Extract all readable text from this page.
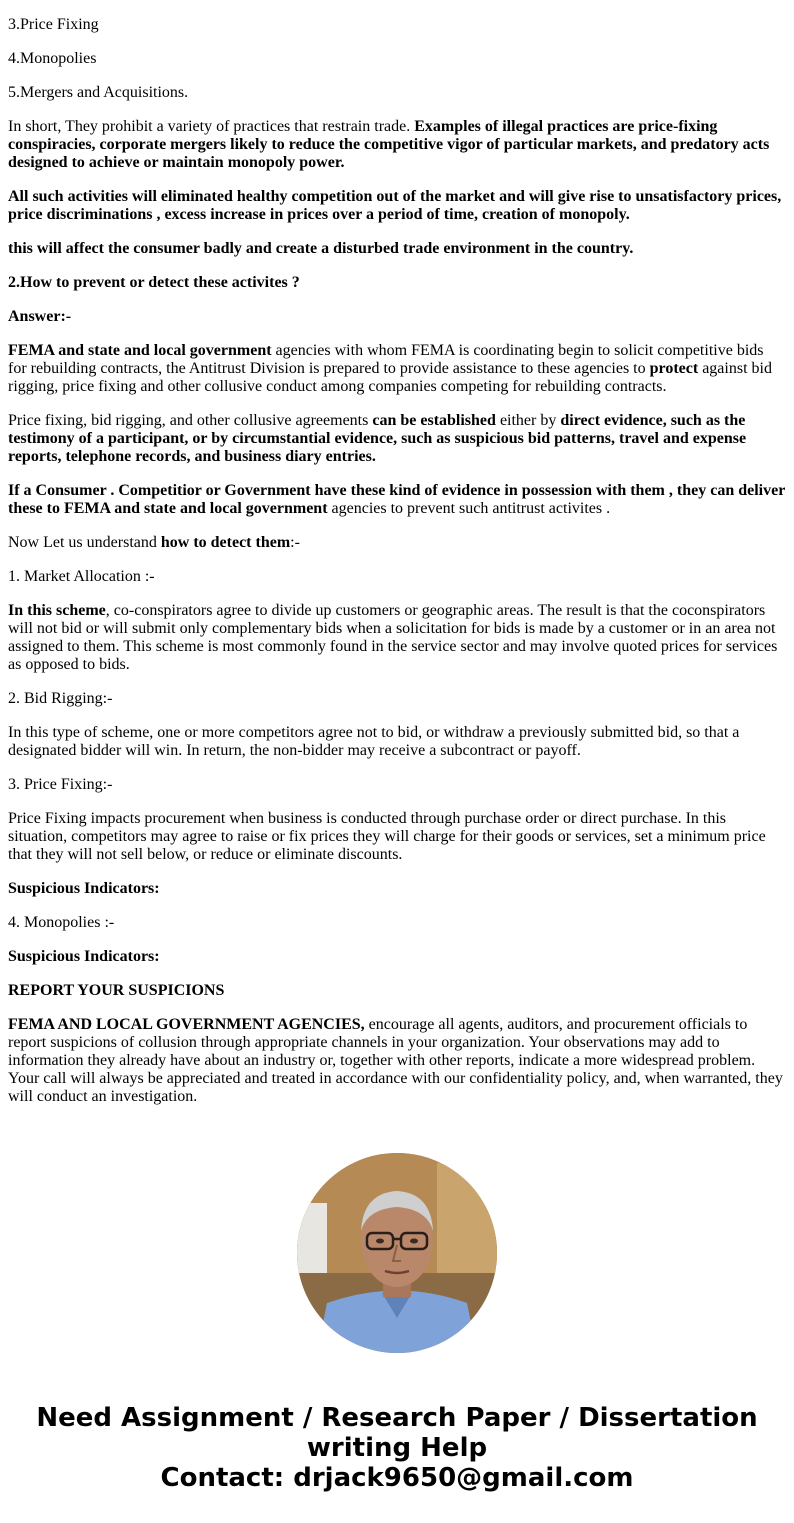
3.Price Fixing

4.Monopolies

5.Mergers and Acquisitions.

In short, They prohibit a variety of practices that restrain trade. Examples of illegal practices are price-fixing conspiracies, corporate mergers likely to reduce the competitive vigor of particular markets, and predatory acts designed to achieve or maintain monopoly power.

All such activities will eliminated healthy competition out of the market and will give rise to unsatisfactory prices, price discriminations , excess increase in prices over a period of time, creation of monopoly.

this will affect the consumer badly and create a disturbed trade environment in the country.

2.How to prevent or detect these activites ?

Answer:-

FEMA and state and local government agencies with whom FEMA is coordinating begin to solicit competitive bids for rebuilding contracts, the Antitrust Division is prepared to provide assistance to these agencies to protect against bid rigging, price fixing and other collusive conduct among companies competing for rebuilding contracts.

Price fixing, bid rigging, and other collusive agreements can be established either by direct evidence, such as the testimony of a participant, or by circumstantial evidence, such as suspicious bid patterns, travel and expense reports, telephone records, and business diary entries.

If a Consumer . Competitior or Government have these kind of evidence in possession with them , they can deliver these to FEMA and state and local government agencies to prevent such antitrust activites .

Now Let us understand how to detect them:-

1. Market Allocation :-

In this scheme, co-conspirators agree to divide up customers or geographic areas. The result is that the coconspirators will not bid or will submit only complementary bids when a solicitation for bids is made by a customer or in an area not assigned to them. This scheme is most commonly found in the service sector and may involve quoted prices for services as opposed to bids.

2. Bid Rigging:-

In this type of scheme, one or more competitors agree not to bid, or withdraw a previously submitted bid, so that a designated bidder will win. In return, the non-bidder may receive a subcontract or payoff.

3. Price Fixing:-

Price Fixing impacts procurement when business is conducted through purchase order or direct purchase. In this situation, competitors may agree to raise or fix prices they will charge for their goods or services, set a minimum price that they will not sell below, or reduce or eliminate discounts.

Suspicious Indicators:

4. Monopolies :-

Suspicious Indicators:

REPORT YOUR SUSPICIONS

FEMA AND LOCAL GOVERNMENT AGENCIES, encourage all agents, auditors, and procurement officials to report suspicions of collusion through appropriate channels in your organization. Your observations may add to information they already have about an industry or, together with other reports, indicate a more widespread problem. Your call will always be appreciated and treated in accordance with our confidentiality policy, and, when warranted, they will conduct an investigation.

Need Assignment / Research Paper / Dissertation writing Help
Contact: drjack9650@gmail.com
